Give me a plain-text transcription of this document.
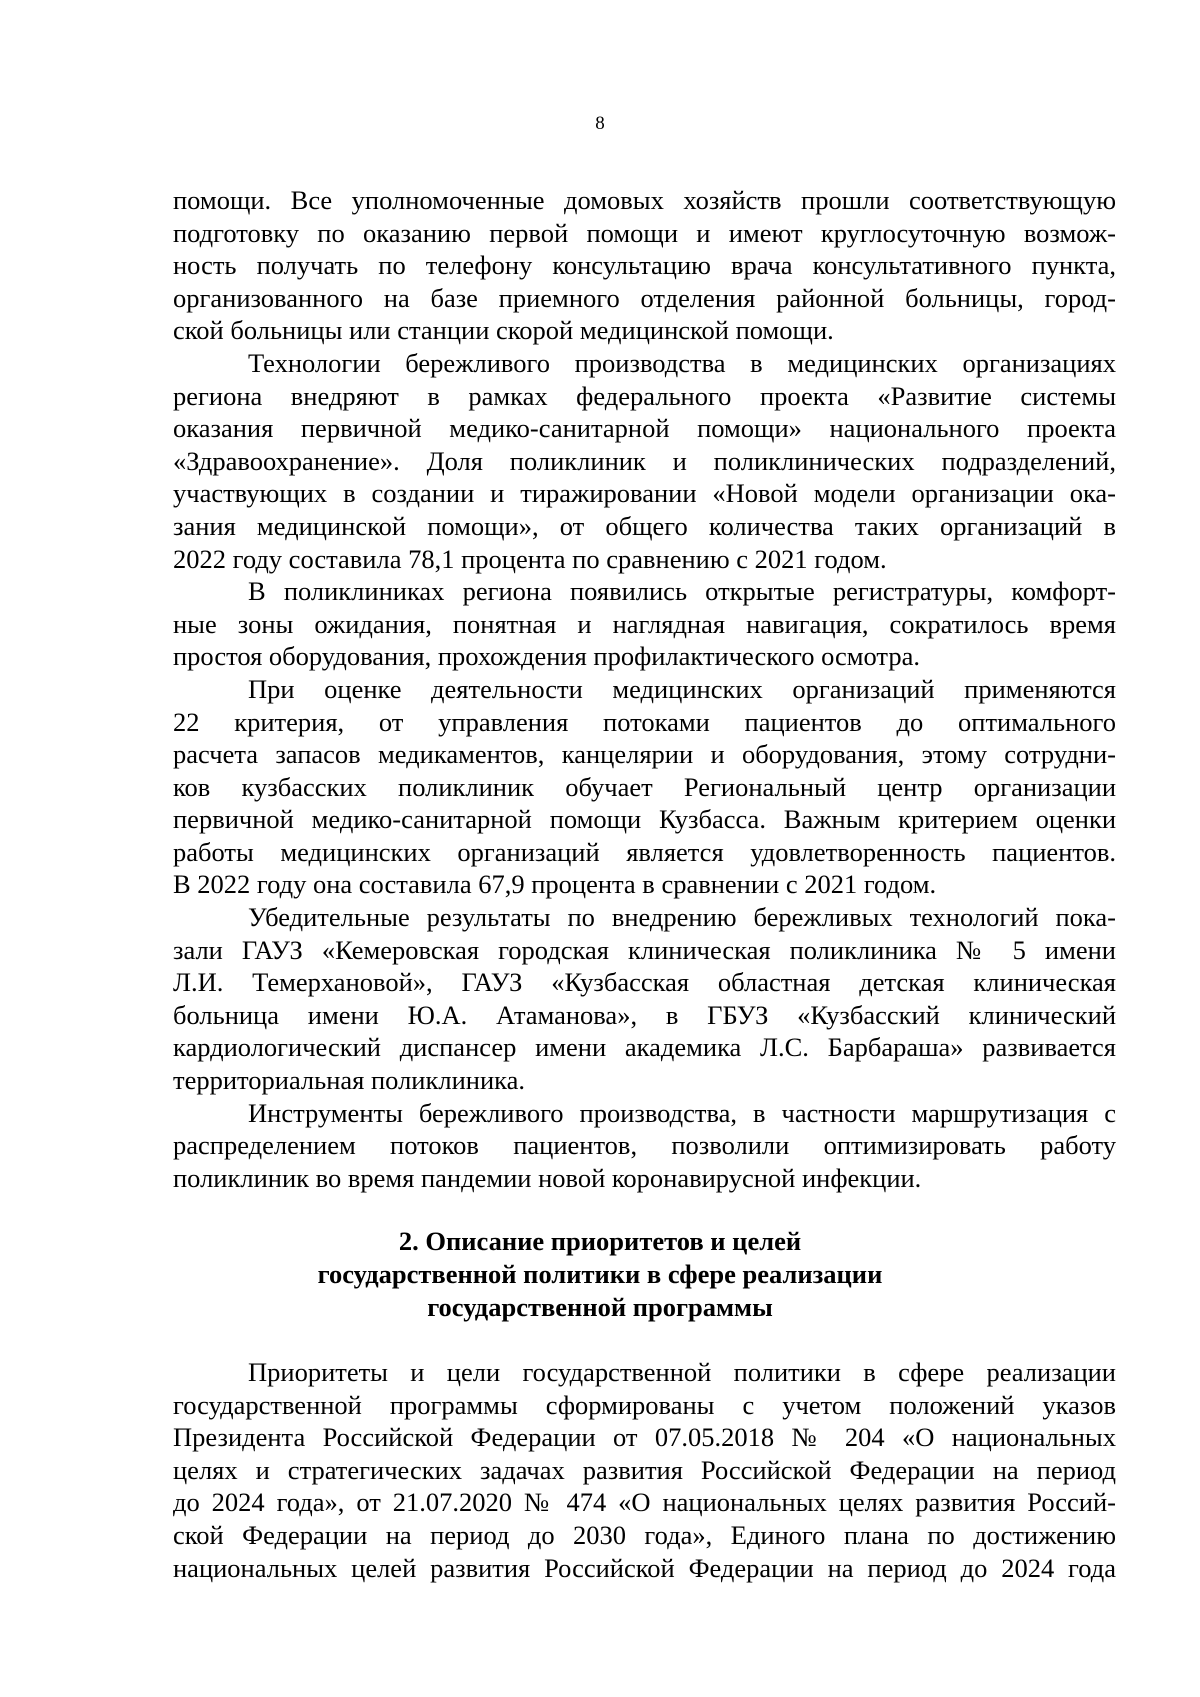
8

помощи. Все уполномоченные домовых хозяйств прошли соответствующую
подготовку по оказанию первой помощи и имеют круглосуточную возмож-
ность получать по телефону консультацию врача консультативного пункта,
организованного на базе приемного отделения районной больницы, город-
ской больницы или станции скорой медицинской помощи.

Технологии бережливого производства в медицинских организациях
региона внедряют в рамках федерального проекта «Развитие системы
оказания первичной медико-санитарной помощи» национального проекта
«Здравоохранение». Доля поликлиник и поликлинических подразделений,
участвующих в создании и тиражировании «Новой модели организации ока-
зания медицинской помощи», от общего количества таких организаций в
2022 году составила 78,1 процента по сравнению с 2021 годом.

В поликлиниках региона появились открытые регистратуры, комфорт-
ные зоны ожидания, понятная и наглядная навигация, сократилось время
простоя оборудования, прохождения профилактического осмотра.

При оценке деятельности медицинских организаций применяются
22 критерия, от управления потоками пациентов до оптимального
расчета запасов медикаментов, канцелярии и оборудования, этому сотрудни-
ков кузбасских поликлиник обучает Региональный центр организации
первичной медико-санитарной помощи Кузбасса. Важным критерием оценки
работы медицинских организаций является удовлетворенность пациентов.
В 2022 году она составила 67,9 процента в сравнении с 2021 годом.

Убедительные результаты по внедрению бережливых технологий пока-
зали ГАУЗ «Кемеровская городская клиническая поликлиника № 5 имени
Л.И. Темерхановой», ГАУЗ «Кузбасская областная детская клиническая
больница имени Ю.А. Атаманова», в ГБУЗ «Кузбасский клинический
кардиологический диспансер имени академика Л.С. Барбараша» развивается
территориальная поликлиника.

Инструменты бережливого производства, в частности маршрутизация с
распределением потоков пациентов, позволили оптимизировать работу
поликлиник во время пандемии новой коронавирусной инфекции.

2. Описание приоритетов и целей
государственной политики в сфере реализации
государственной программы

Приоритеты и цели государственной политики в сфере реализации
государственной программы сформированы с учетом положений указов
Президента Российской Федерации от 07.05.2018 № 204 «О национальных
целях и стратегических задачах развития Российской Федерации на период
до 2024 года», от 21.07.2020 № 474 «О национальных целях развития Россий-
ской Федерации на период до 2030 года», Единого плана по достижению
национальных целей развития Российской Федерации на период до 2024 года
